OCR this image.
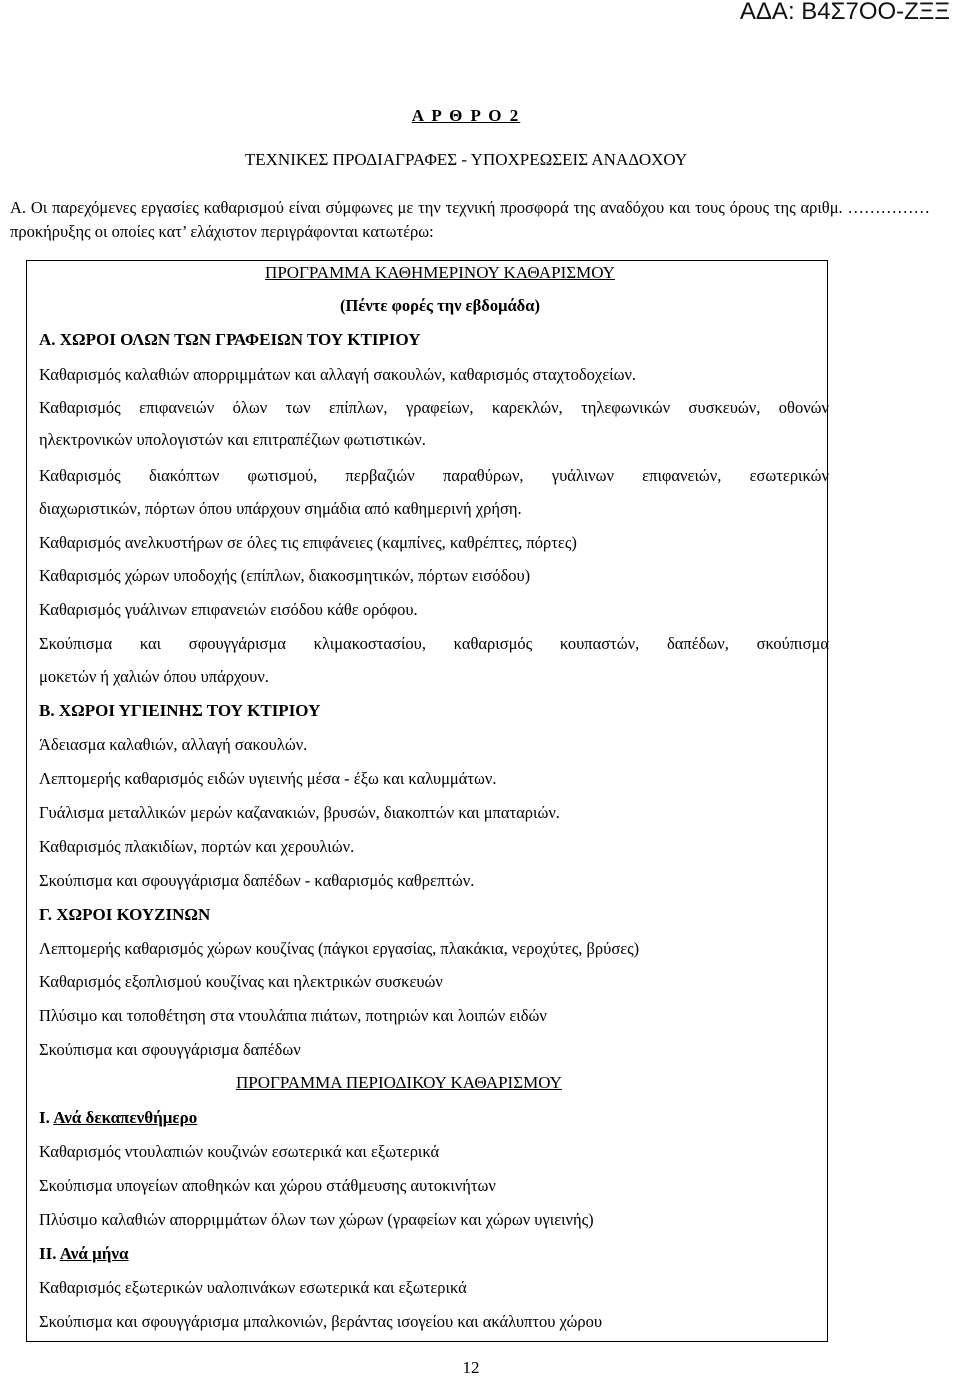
ΑΔΑ: Β4Σ7ΟΟ-ΖΞΞ
Α Ρ Θ Ρ Ο 2
ΤΕΧΝΙΚΕΣ ΠΡΟΔΙΑΓΡΑΦΕΣ - ΥΠΟΧΡΕΩΣΕΙΣ ΑΝΑΔΟΧΟΥ
Α. Οι παρεχόμενες εργασίες καθαρισμού είναι σύμφωνες με την τεχνική προσφορά της αναδόχου και τους όρους της αριθμ. …………… προκήρυξης οι οποίες κατ’ ελάχιστον περιγράφονται κατωτέρω:
ΠΡΟΓΡΑΜΜΑ ΚΑΘΗΜΕΡΙΝΟΥ ΚΑΘΑΡΙΣΜΟΥ
(Πέντε φορές την εβδομάδα)
Α. ΧΩΡΟΙ ΟΛΩΝ ΤΩΝ ΓΡΑΦΕΙΩΝ ΤΟΥ ΚΤΙΡΙΟΥ
Καθαρισμός καλαθιών απορριμμάτων και αλλαγή σακουλών, καθαρισμός σταχτοδοχείων.
Καθαρισμός επιφανειών όλων των επίπλων, γραφείων, καρεκλών, τηλεφωνικών συσκευών, οθονών
ηλεκτρονικών υπολογιστών και επιτραπέζιων φωτιστικών.
Καθαρισμός διακόπτων φωτισμού, περβαζιών παραθύρων, γυάλινων επιφανειών, εσωτερικών
διαχωριστικών, πόρτων όπου υπάρχουν σημάδια από καθημερινή χρήση.
Καθαρισμός ανελκυστήρων σε όλες τις επιφάνειες (καμπίνες, καθρέπτες, πόρτες)
Καθαρισμός χώρων υποδοχής (επίπλων, διακοσμητικών, πόρτων εισόδου)
Καθαρισμός γυάλινων επιφανειών εισόδου κάθε ορόφου.
Σκούπισμα και σφουγγάρισμα κλιμακοστασίου, καθαρισμός κουπαστών, δαπέδων, σκούπισμα
μοκετών ή χαλιών όπου υπάρχουν.
Β. ΧΩΡΟΙ ΥΓΙΕΙΝΗΣ ΤΟΥ ΚΤΙΡΙΟΥ
Άδειασμα καλαθιών, αλλαγή σακουλών.
Λεπτομερής καθαρισμός ειδών υγιεινής μέσα - έξω και καλυμμάτων.
Γυάλισμα μεταλλικών μερών καζανακιών, βρυσών, διακοπτών και μπαταριών.
Καθαρισμός πλακιδίων, πορτών και χερουλιών.
Σκούπισμα και σφουγγάρισμα δαπέδων - καθαρισμός καθρεπτών.
Γ. ΧΩΡΟΙ ΚΟΥΖΙΝΩΝ
Λεπτομερής καθαρισμός χώρων κουζίνας (πάγκοι εργασίας, πλακάκια, νεροχύτες, βρύσες)
Καθαρισμός εξοπλισμού κουζίνας και ηλεκτρικών συσκευών
Πλύσιμο και τοποθέτηση στα ντουλάπια πιάτων, ποτηριών και λοιπών ειδών
Σκούπισμα και σφουγγάρισμα δαπέδων
ΠΡΟΓΡΑΜΜΑ ΠΕΡΙΟΔΙΚΟΥ ΚΑΘΑΡΙΣΜΟΥ
Ι. Ανά δεκαπενθήμερο
Καθαρισμός ντουλαπιών κουζινών εσωτερικά και εξωτερικά
Σκούπισμα υπογείων αποθηκών και χώρου στάθμευσης αυτοκινήτων
Πλύσιμο καλαθιών απορριμμάτων όλων των χώρων (γραφείων και χώρων υγιεινής)
ΙΙ. Ανά μήνα
Καθαρισμός εξωτερικών υαλοπινάκων εσωτερικά και εξωτερικά
Σκούπισμα και σφουγγάρισμα μπαλκονιών, βεράντας ισογείου και ακάλυπτου χώρου
12
